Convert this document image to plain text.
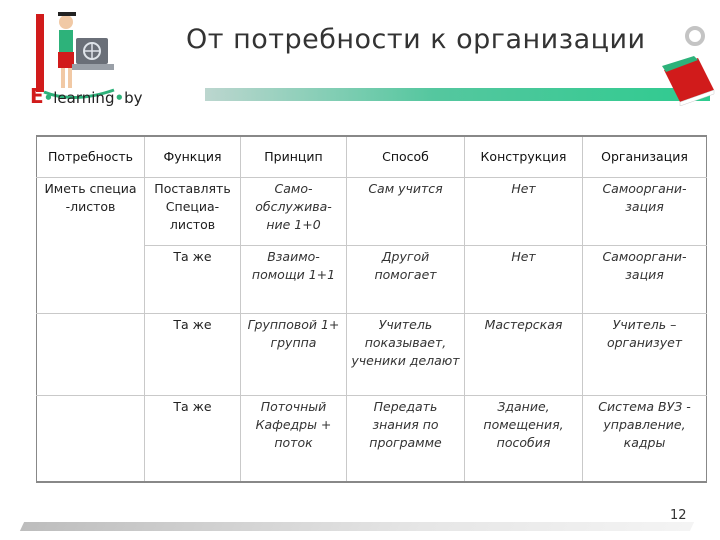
E•learning•by
От потребности к организации
Потребность	Функция	Принцип	Способ	Конструкция	Организация
Иметь специа -листов	Поставлять Специа-листов	Само-обслужива-ние 1+0	Сам учится	Нет	Самооргани-зация
	Та же	Взаимо-помощи 1+1	Другой помогает	Нет	Самооргани-зация
	Та же	Групповой 1+ группа	Учитель показывает, ученики делают	Мастерская	Учитель – организует
	Та же	Поточный Кафедры + поток	Передать знания по программе	Здание, помещения, пособия	Система ВУЗ - управление, кадры
12
